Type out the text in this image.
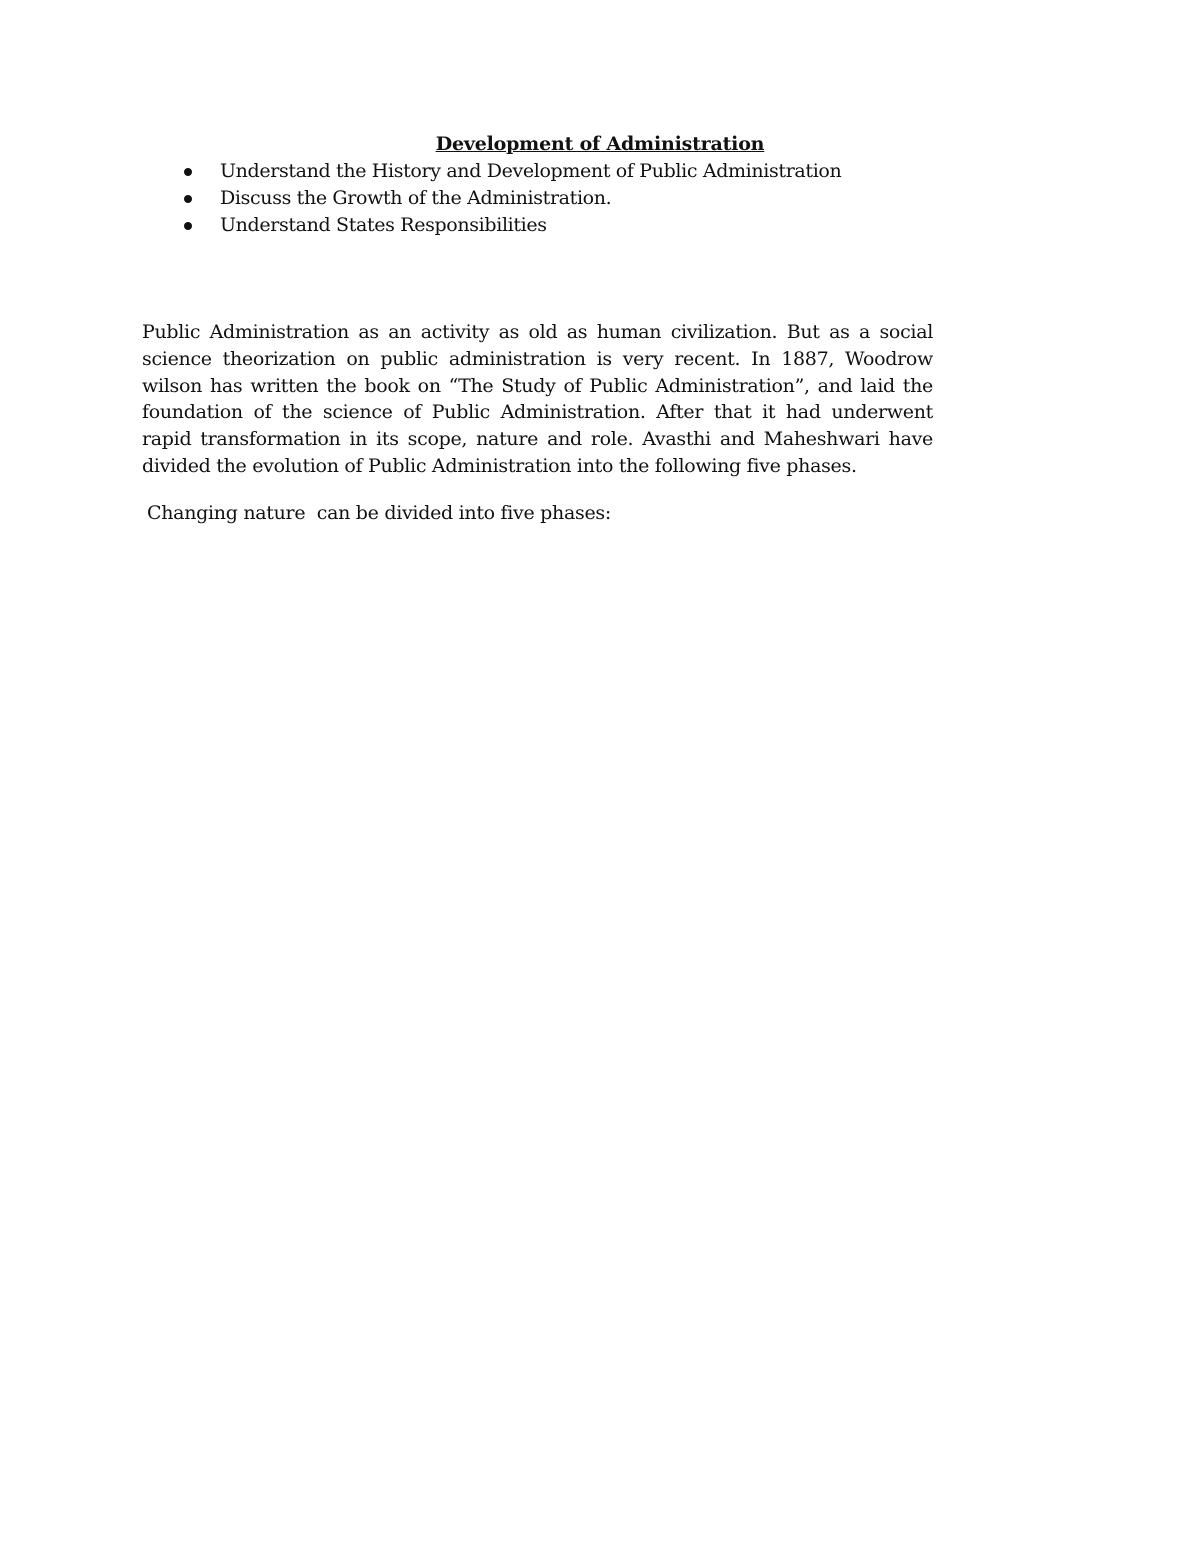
Development of Administration
Understand the History and Development of Public Administration
Discuss the Growth of the Administration.
Understand States Responsibilities

Public Administration as an activity as old as human civilization. But as a social science theorization on public administration is very recent. In 1887, Woodrow wilson has written the book on “The Study of Public Administration”, and laid the foundation of the science of Public Administration. After that it had underwent rapid transformation in its scope, nature and role. Avasthi and Maheshwari have divided the evolution of Public Administration into the following five phases.

Changing nature  can be divided into five phases:
